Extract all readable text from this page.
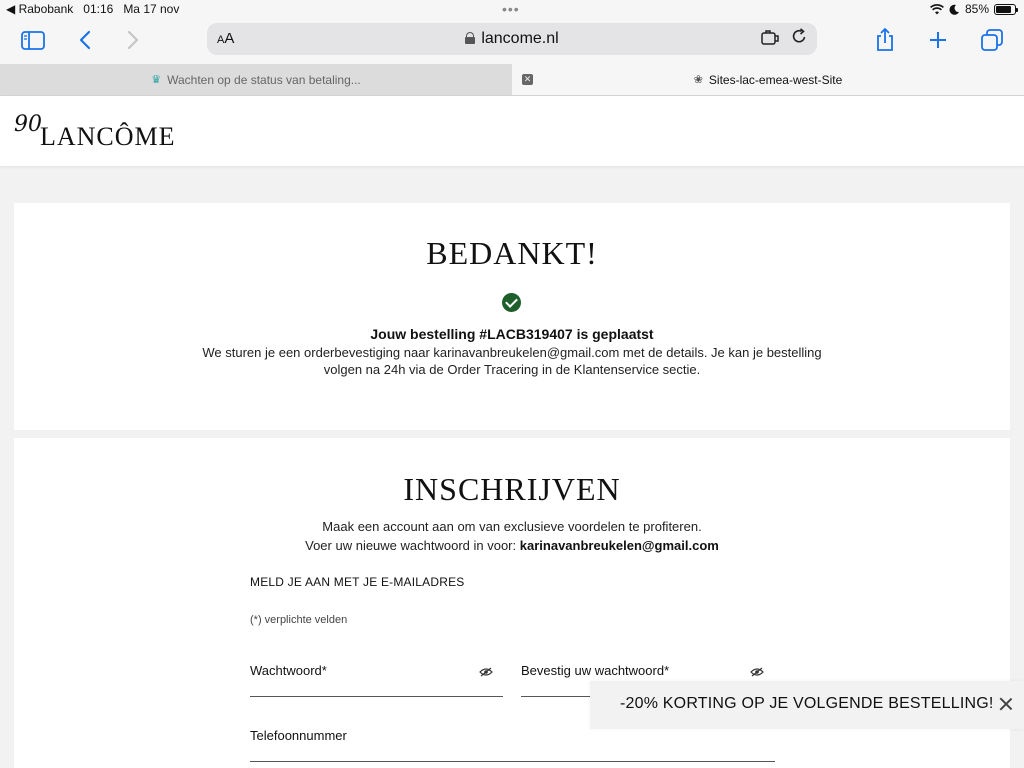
◀ Rabobank 01:16 Ma 17 nov	•••	85%
AA	lancome.nl
♛ Wachten op de status van betaling...	✕	❀ Sites-lac-emea-west-Site
90
LANCÔME
BEDANKT!
Jouw bestelling #LACB319407 is geplaatst
We sturen je een orderbevestiging naar karinavanbreukelen@gmail.com met de details. Je kan je bestelling volgen na 24h via de Order Tracering in de Klantenservice sectie.
INSCHRIJVEN
Maak een account aan om van exclusieve voordelen te profiteren.
Voer uw nieuwe wachtwoord in voor: karinavanbreukelen@gmail.com
MELD JE AAN MET JE E-MAILADRES
(*) verplichte velden
Wachtwoord*	Bevestig uw wachtwoord*
Telefoonnummer
-20% KORTING OP JE VOLGENDE BESTELLING!
